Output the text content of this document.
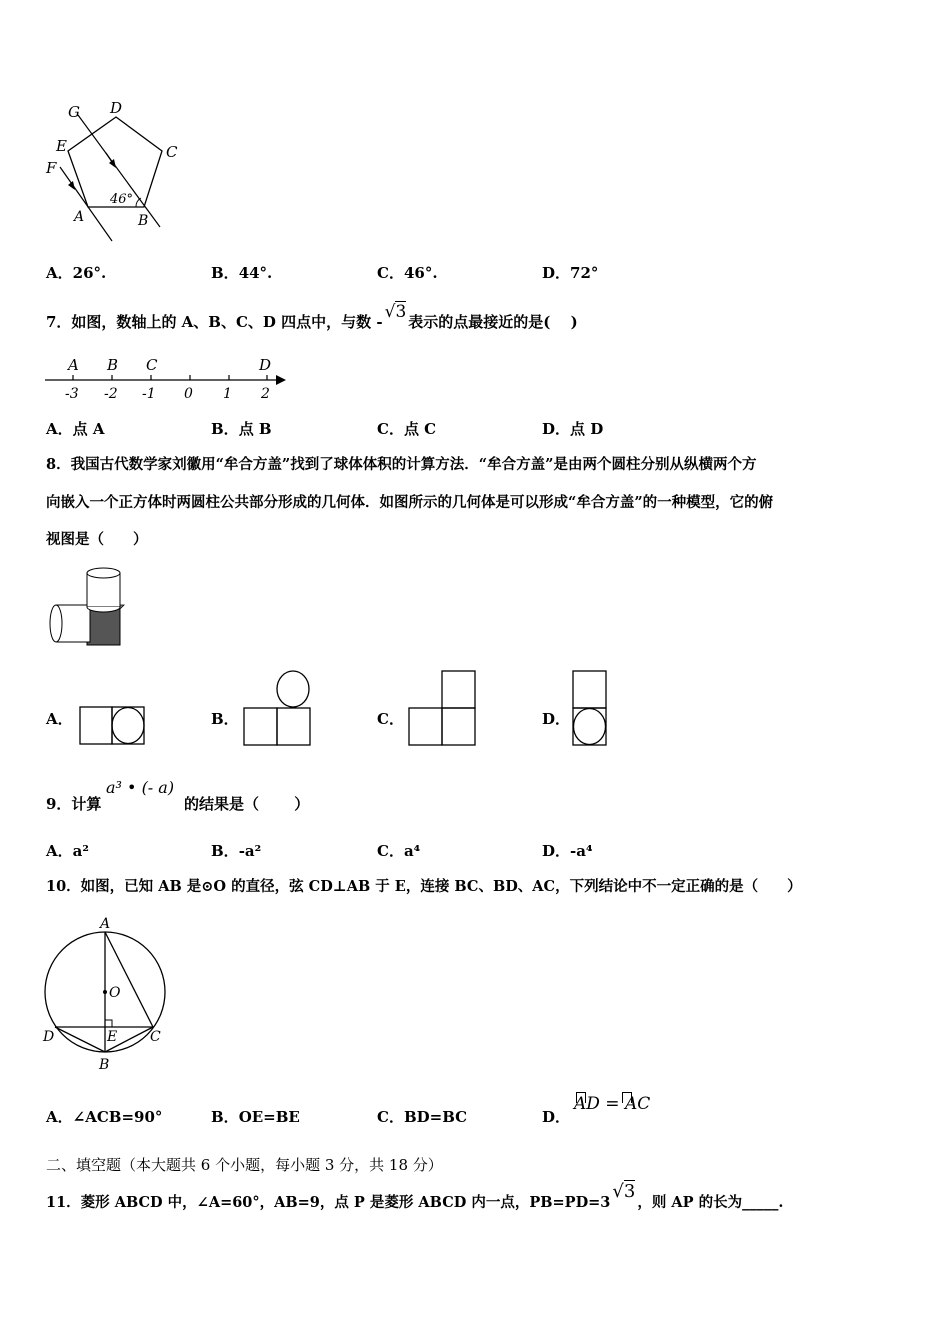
G D
E	C
F
A	B
46°
A．26°.	B．44°.	C．46°.	D．72°
7．如图，数轴上的 A、B、C、D 四点中，与数 - √3 表示的点最接近的是(　 )
A B C	D
-3 -2 -1 0 1 2
A．点 A	B．点 B	C．点 C	D．点 D
8．我国古代数学家刘徽用“牟合方盖”找到了球体体积的计算方法．“牟合方盖”是由两个圆柱分别从纵横两个方
向嵌入一个正方体时两圆柱公共部分形成的几何体．如图所示的几何体是可以形成“牟合方盖”的一种模型，它的俯
视图是（　　）
A．	B．	C．	D．
9．计算
a³ • (- a)
的结果是（　　 ）
A．a²	B．-a²	C．a⁴	D．-a⁴
10．如图，已知 AB 是⊙O 的直径，弦 CD⊥AB 于 E，连接 BC、BD、AC，下列结论中不一定正确的是（　　）
A
O
D	E C
B
A．∠ACB=90°	B．OE=BE	C．BD=BC	D．
AD = AC
二、填空题（本大题共 6 个小题，每小题 3 分，共 18 分）
11．菱形 ABCD 中，∠A=60°，AB=9，点 P 是菱形 ABCD 内一点，PB=PD=3√3，则 AP 的长为_____.
